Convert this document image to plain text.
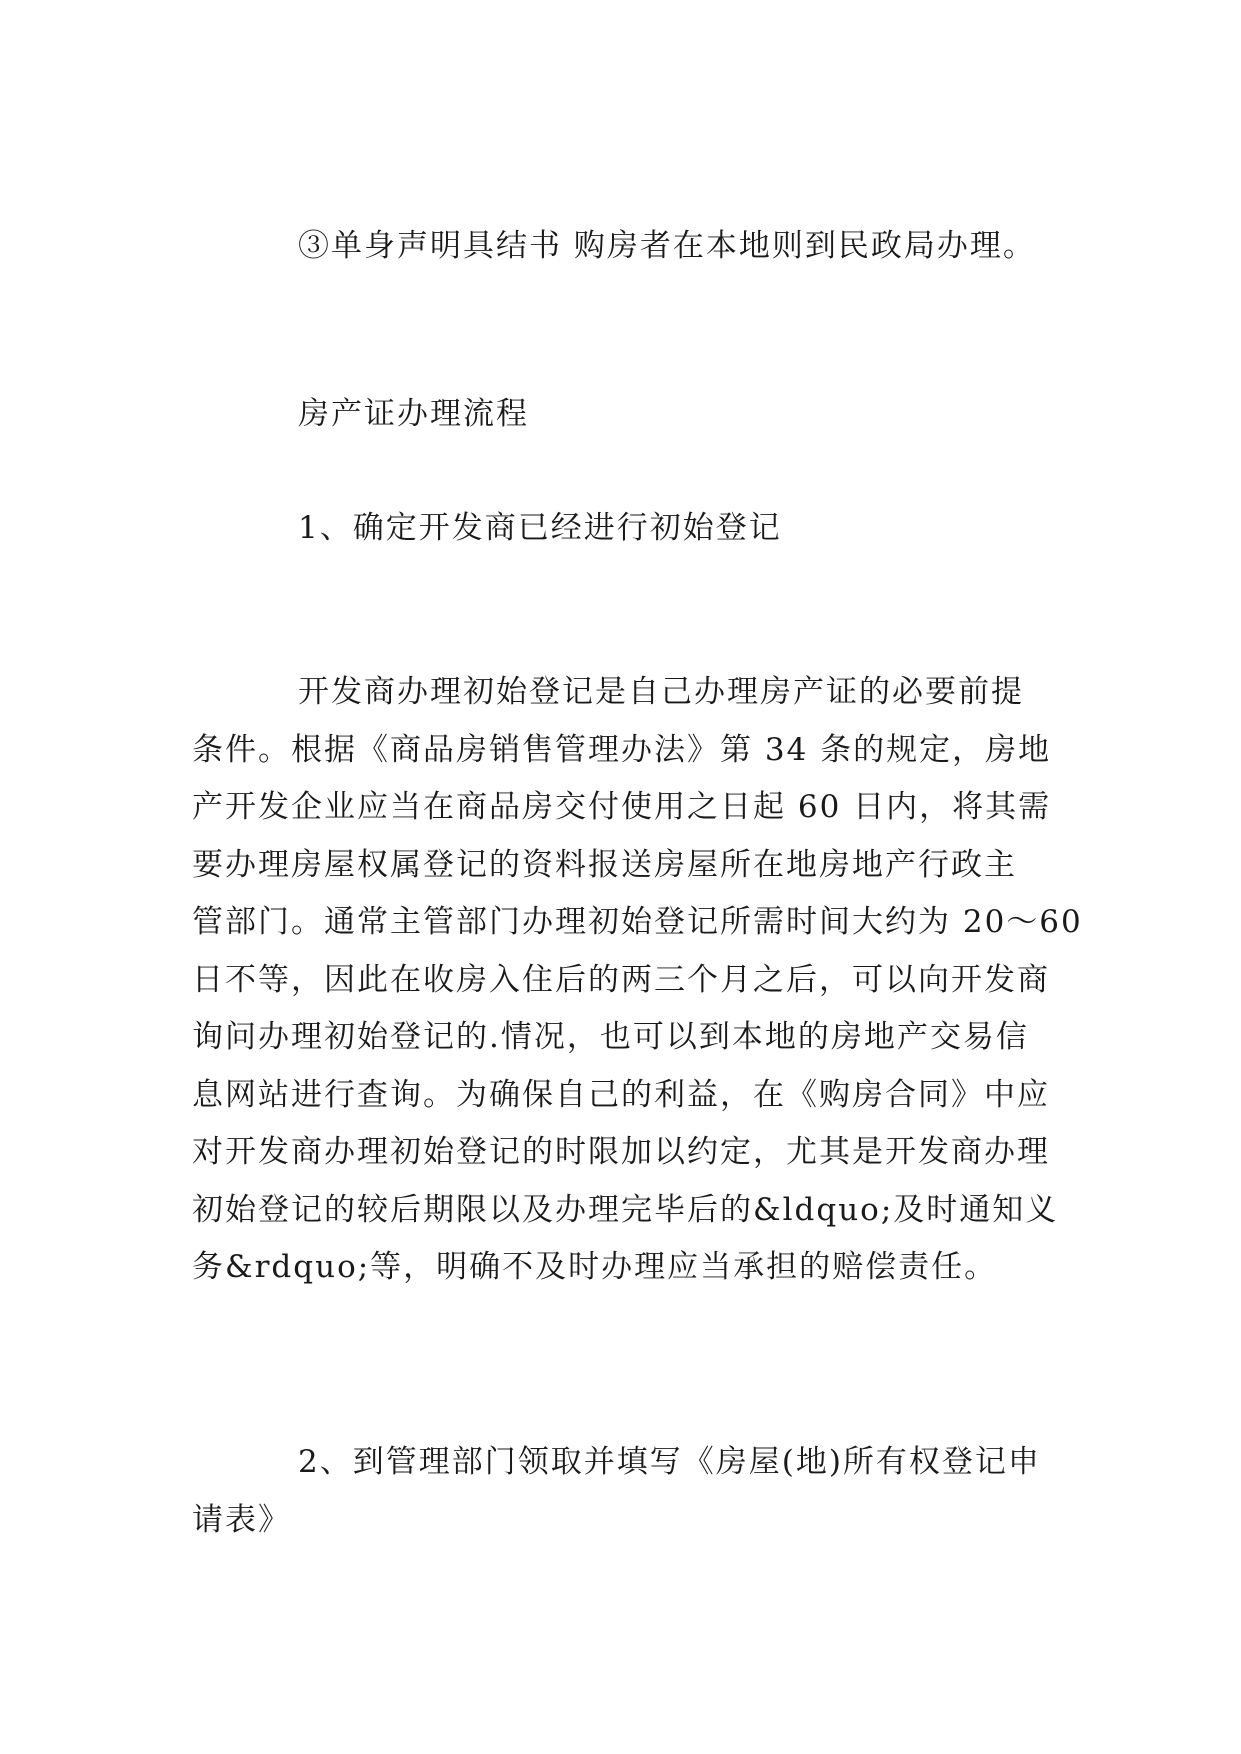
③单身声明具结书 购房者在本地则到民政局办理。
房产证办理流程
1、确定开发商已经进行初始登记
开发商办理初始登记是自己办理房产证的必要前提
条件。根据《商品房销售管理办法》第 34 条的规定，房地
产开发企业应当在商品房交付使用之日起 60 日内，将其需
要办理房屋权属登记的资料报送房屋所在地房地产行政主
管部门。通常主管部门办理初始登记所需时间大约为 20～60
日不等，因此在收房入住后的两三个月之后，可以向开发商
询问办理初始登记的.情况，也可以到本地的房地产交易信
息网站进行查询。为确保自己的利益，在《购房合同》中应
对开发商办理初始登记的时限加以约定，尤其是开发商办理
初始登记的较后期限以及办理完毕后的&ldquo;及时通知义
务&rdquo;等，明确不及时办理应当承担的赔偿责任。
2、到管理部门领取并填写《房屋(地)所有权登记申
请表》
